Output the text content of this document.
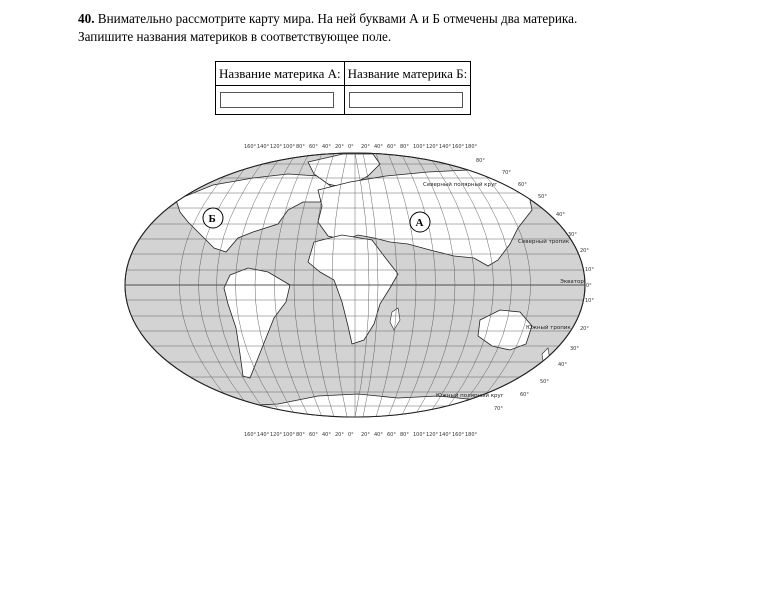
40. Внимательно рассмотрите карту мира. На ней буквами А и Б отмечены два материка.
Запишите названия материков в соответствующее поле.
Название материка А:	Название материка Б:

160° 140° 120° 100° 80° 60° 40° 20° 0° 20° 40° 60° 80° 100° 120° 140° 160° 180°
160° 140° 120° 100° 80° 60° 40° 20° 0° 20° 40° 60° 80° 100° 120° 140° 160° 180°
80°
70°
60°
50°
40°
30°
20°
10°
0°
10°
20°
30°
40°
50°
60°
70°
Северный полярный круг
Северный тропик
Экватор
Южный тропик
Южный полярный круг
А
Б
